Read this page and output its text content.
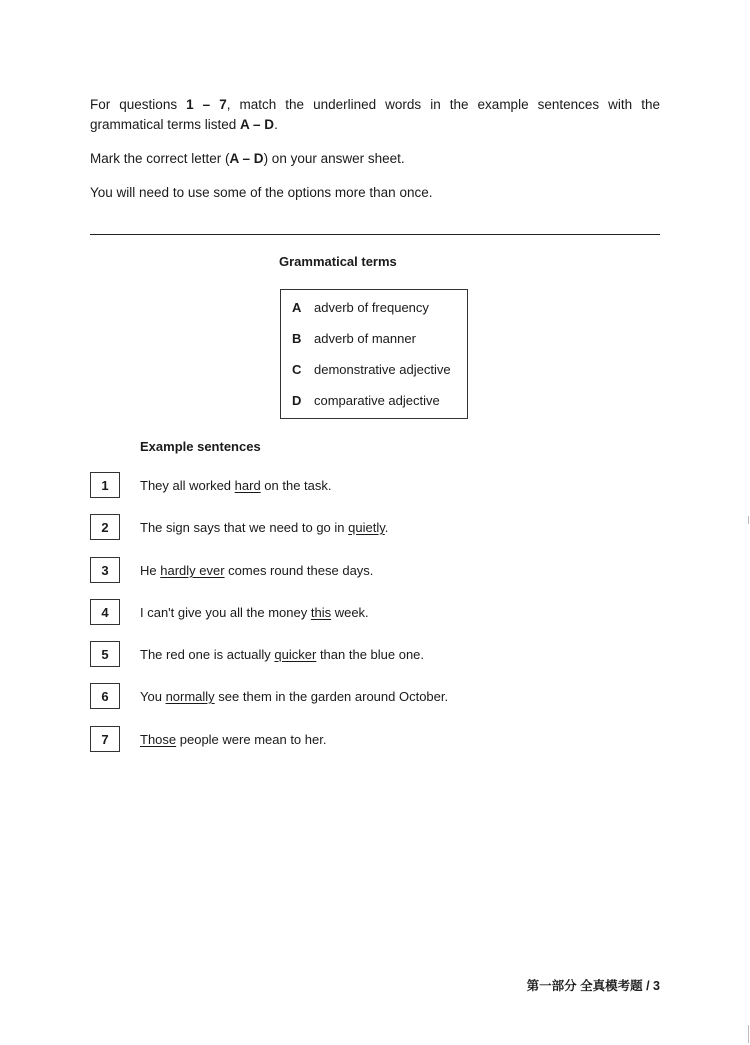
For questions 1 – 7, match the underlined words in the example sentences with the grammatical terms listed A – D.

Mark the correct letter (A – D) on your answer sheet.

You will need to use some of the options more than once.

Grammatical terms
A adverb of frequency
B adverb of manner
C demonstrative adjective
D comparative adjective
Example sentences
1	They all worked hard on the task.
2	The sign says that we need to go in quietly.
3	He hardly ever comes round these days.
4	I can't give you all the money this week.
5	The red one is actually quicker than the blue one.
6	You normally see them in the garden around October.
7	Those people were mean to her.
第一部分 全真模考题 / 3
